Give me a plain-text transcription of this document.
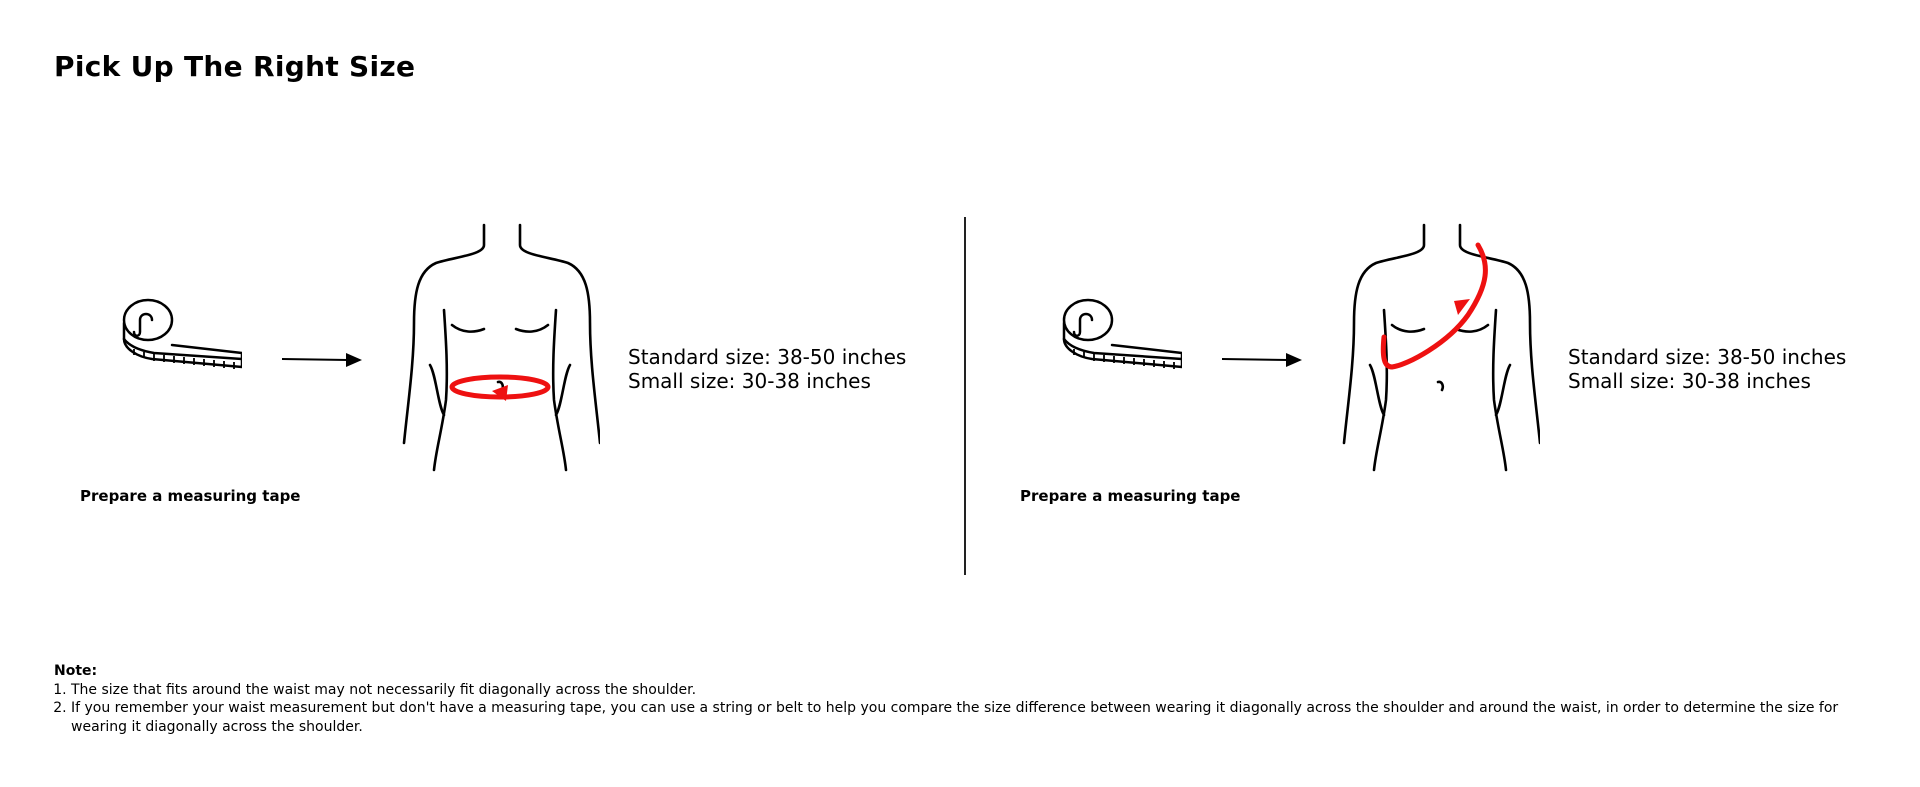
Pick Up The Right Size
Standard size: 38-50 inches
Small size: 30-38 inches
Prepare a measuring tape
Standard size: 38-50 inches
Small size: 30-38 inches
Prepare a measuring tape
Note:
1. The size that fits around the waist may not necessarily fit diagonally across the shoulder.
2. If you remember your waist measurement but don't have a measuring tape, you can use a string or belt to help you compare the size difference between wearing it diagonally across the shoulder and around the waist, in order to determine the size for wearing it diagonally across the shoulder.
